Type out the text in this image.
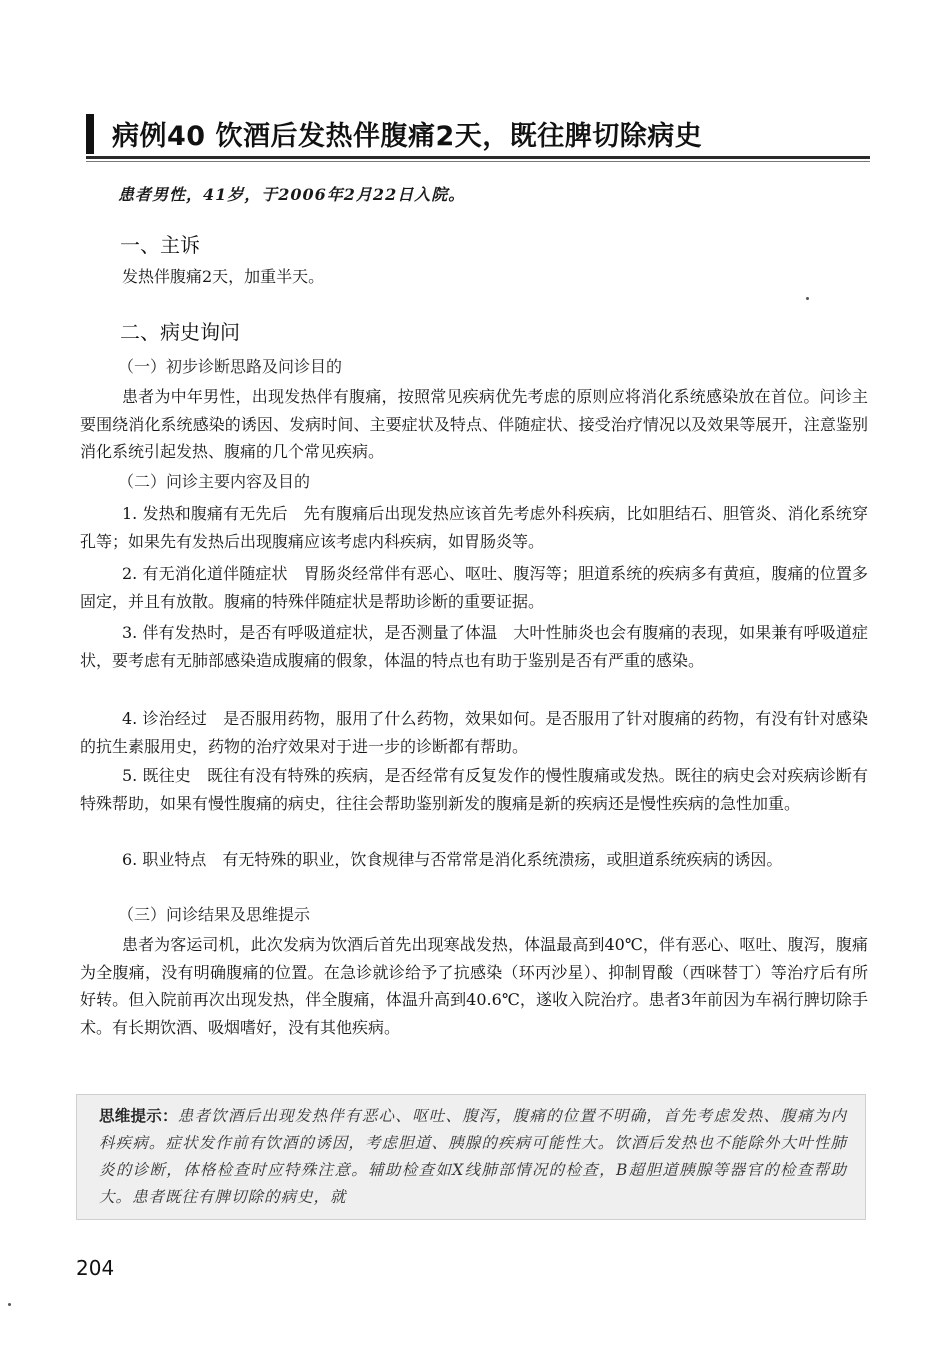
病例40 饮酒后发热伴腹痛2天，既往脾切除病史
患者男性，41岁，于2006年2月22日入院。
一、主诉
发热伴腹痛2天，加重半天。
二、病史询问
（一）初步诊断思路及问诊目的
患者为中年男性，出现发热伴有腹痛，按照常见疾病优先考虑的原则应将消化系统感染放在首位。问诊主要围绕消化系统感染的诱因、发病时间、主要症状及特点、伴随症状、接受治疗情况以及效果等展开，注意鉴别消化系统引起发热、腹痛的几个常见疾病。
（二）问诊主要内容及目的
1. 发热和腹痛有无先后　先有腹痛后出现发热应该首先考虑外科疾病，比如胆结石、胆管炎、消化系统穿孔等；如果先有发热后出现腹痛应该考虑内科疾病，如胃肠炎等。
2. 有无消化道伴随症状　胃肠炎经常伴有恶心、呕吐、腹泻等；胆道系统的疾病多有黄疸，腹痛的位置多固定，并且有放散。腹痛的特殊伴随症状是帮助诊断的重要证据。
3. 伴有发热时，是否有呼吸道症状，是否测量了体温　大叶性肺炎也会有腹痛的表现，如果兼有呼吸道症状，要考虑有无肺部感染造成腹痛的假象，体温的特点也有助于鉴别是否有严重的感染。
4. 诊治经过　是否服用药物，服用了什么药物，效果如何。是否服用了针对腹痛的药物，有没有针对感染的抗生素服用史，药物的治疗效果对于进一步的诊断都有帮助。
5. 既往史　既往有没有特殊的疾病，是否经常有反复发作的慢性腹痛或发热。既往的病史会对疾病诊断有特殊帮助，如果有慢性腹痛的病史，往往会帮助鉴别新发的腹痛是新的疾病还是慢性疾病的急性加重。
6. 职业特点　有无特殊的职业，饮食规律与否常常是消化系统溃疡，或胆道系统疾病的诱因。
（三）问诊结果及思维提示
患者为客运司机，此次发病为饮酒后首先出现寒战发热，体温最高到40℃，伴有恶心、呕吐、腹泻，腹痛为全腹痛，没有明确腹痛的位置。在急诊就诊给予了抗感染（环丙沙星）、抑制胃酸（西咪替丁）等治疗后有所好转。但入院前再次出现发热，伴全腹痛，体温升高到40.6℃，遂收入院治疗。患者3年前因为车祸行脾切除手术。有长期饮酒、吸烟嗜好，没有其他疾病。
思维提示：患者饮酒后出现发热伴有恶心、呕吐、腹泻，腹痛的位置不明确，首先考虑发热、腹痛为内科疾病。症状发作前有饮酒的诱因，考虑胆道、胰腺的疾病可能性大。饮酒后发热也不能除外大叶性肺炎的诊断，体格检查时应特殊注意。辅助检查如X线肺部情况的检查，B超胆道胰腺等器官的检查帮助大。患者既往有脾切除的病史，就
204
